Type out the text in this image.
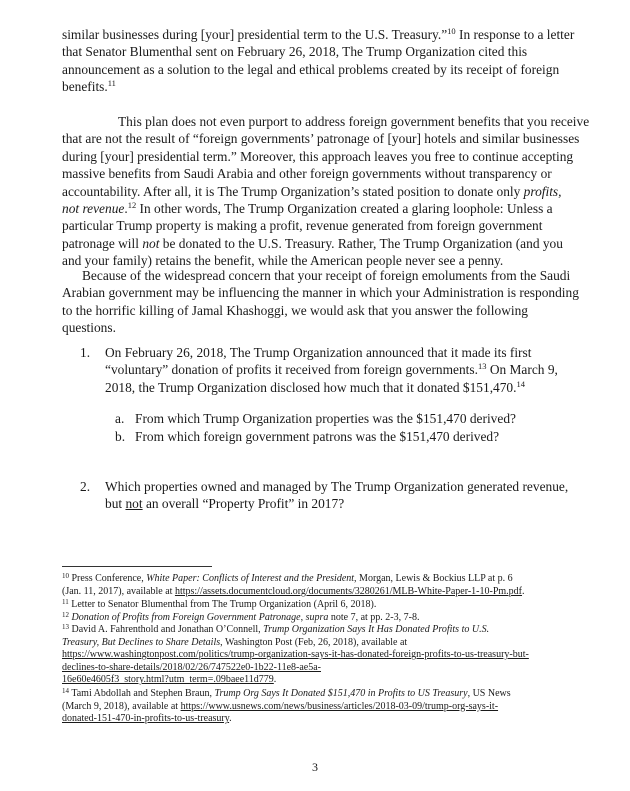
similar businesses during [your] presidential term to the U.S. Treasury.”$^{10}$ In response to a letter
that Senator Blumenthal sent on February 26, 2018, The Trump Organization cited this
announcement as a solution to the legal and ethical problems created by its receipt of foreign
benefits.$^{11}$
This plan does not even purport to address foreign government benefits that you receive
that are not the result of “foreign governments’ patronage of [your] hotels and similar businesses
during [your] presidential term.” Moreover, this approach leaves you free to continue accepting
massive benefits from Saudi Arabia and other foreign governments without transparency or
accountability. After all, it is The Trump Organization’s stated position to donate only profits,
not revenue.$^{12}$ In other words, The Trump Organization created a glaring loophole: Unless a
particular Trump property is making a profit, revenue generated from foreign government
patronage will not be donated to the U.S. Treasury. Rather, The Trump Organization (and you
and your family) retains the benefit, while the American people never see a penny.
Because of the widespread concern that your receipt of foreign emoluments from the Saudi
Arabian government may be influencing the manner in which your Administration is responding
to the horrific killing of Jamal Khashoggi, we would ask that you answer the following
questions.
1. On February 26, 2018, The Trump Organization announced that it made its first
“voluntary” donation of profits it received from foreign governments.$^{13}$ On March 9,
2018, the Trump Organization disclosed how much that it donated $151,470.14
a. From which Trump Organization properties was the $151,470 derived?
b. From which foreign government patrons was the $151,470 derived?
2. Which properties owned and managed by The Trump Organization generated revenue,
but not an overall “Property Profit” in 2017?
$^{10}$ Press Conference, White Paper: Conflicts of Interest and the President, Morgan, Lewis & Bockius LLP at p. 6
(Jan. 11, 2017), available at https://assets.documentcloud.org/documents/3280261/MLB-White-Paper-1-10-Pm.pdf.
$^{11}$ Letter to Senator Blumenthal from The Trump Organization (April 6, 2018).
$^{12}$ Donation of Profits from Foreign Government Patronage, supra note 7, at pp. 2-3, 7-8.
$^{13}$ David A. Fahrenthold and Jonathan O’Connell, Trump Organization Says It Has Donated Profits to U.S.
Treasury, But Declines to Share Details, Washington Post (Feb, 26, 2018), available at
https://www.washingtonpost.com/politics/trump-organization-says-it-has-donated-foreign-profits-to-us-treasury-but-
declines-to-share-details/2018/02/26/747522e0-1b22-11e8-ae5a-
16e60e4605f3_story.html?utm_term=.09baee11d779.
$^{14}$ Tami Abdollah and Stephen Braun, Trump Org Says It Donated $151,470 in Profits to US Treasury, US News
(March 9, 2018), available at https://www.usnews.com/news/business/articles/2018-03-09/trump-org-says-it-
donated-151-470-in-profits-to-us-treasury.
3
